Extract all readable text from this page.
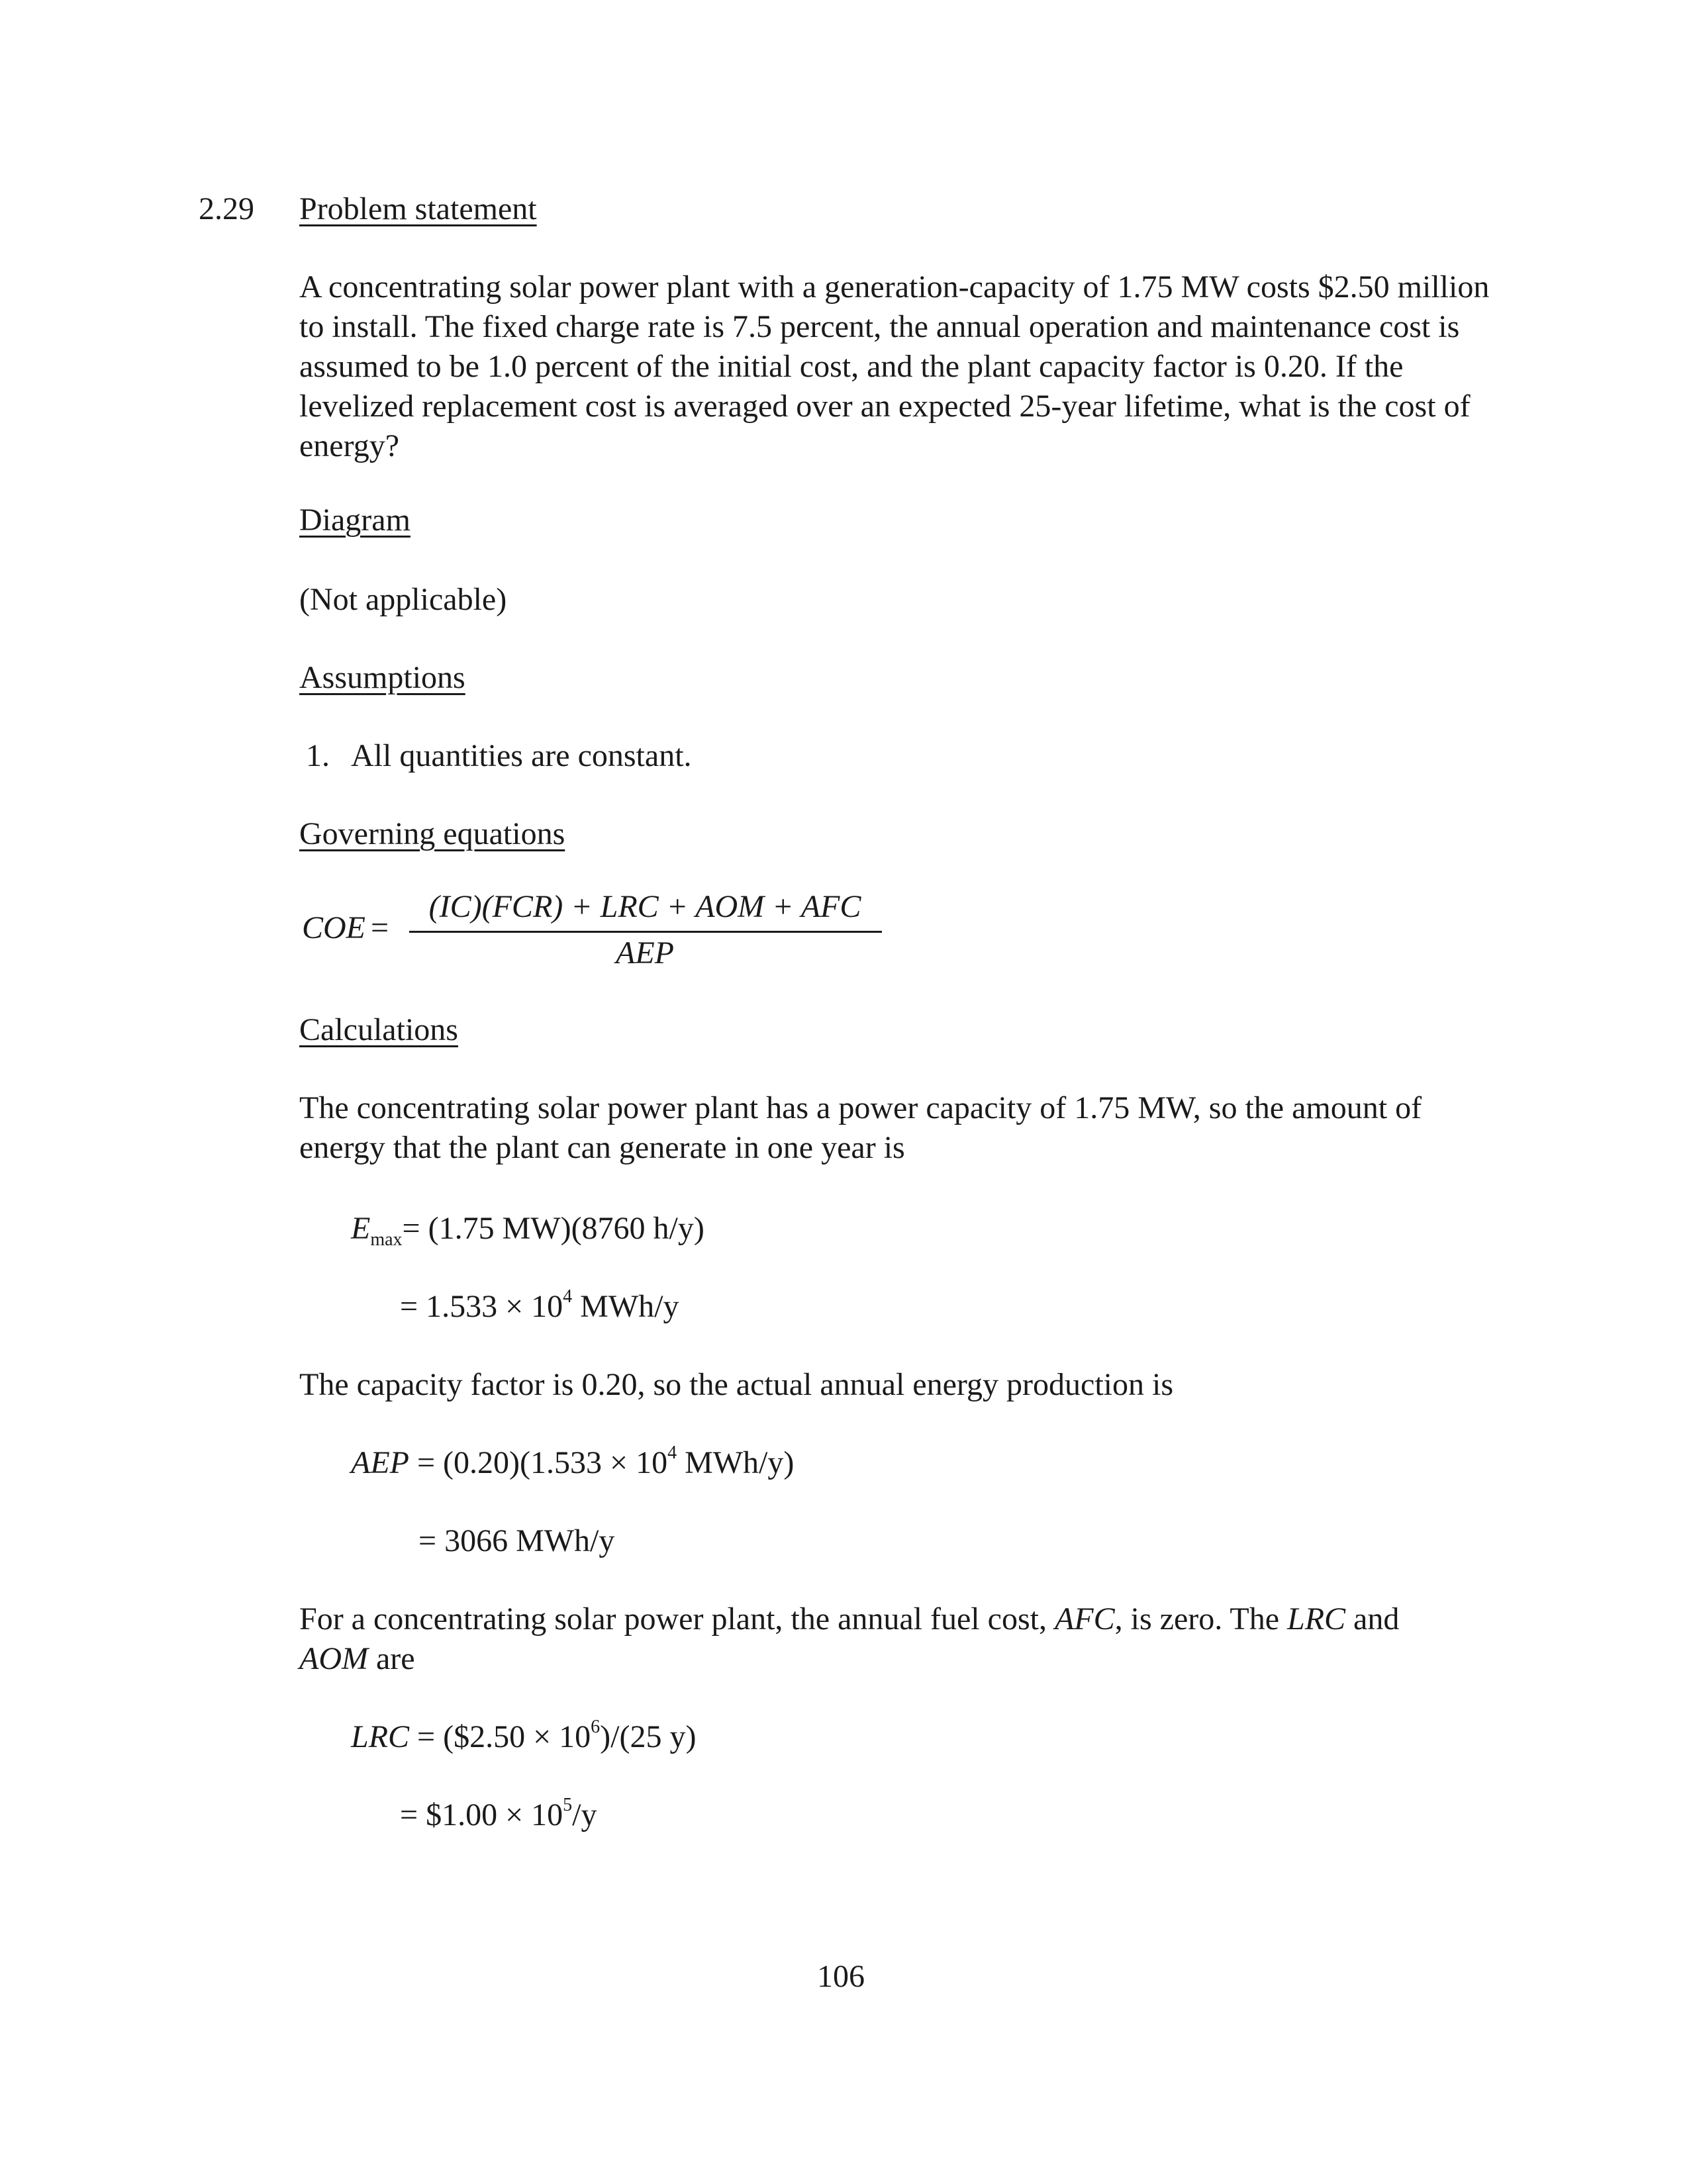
2.29 Problem statement
A concentrating solar power plant with a generation-capacity of 1.75 MW costs $2.50 million to install. The fixed charge rate is 7.5 percent, the annual operation and maintenance cost is assumed to be 1.0 percent of the initial cost, and the plant capacity factor is 0.20. If the levelized replacement cost is averaged over an expected 25-year lifetime, what is the cost of energy?
Diagram
(Not applicable)
Assumptions
1. All quantities are constant.
Governing equations
COE =
(IC)(FCR) + LRC + AOM + AFC
AEP
Calculations
The concentrating solar power plant has a power capacity of 1.75 MW, so the amount of energy that the plant can generate in one year is
$E_{max}= (1.75$ MW)(8760 h/y)
= $1.533 \times 10^4$ MWh/y
The capacity factor is 0.20, so the actual annual energy production is
AEP = $(0.20)(1.533 \times 10^4$ MWh/y)
= 3066 MWh/y
For a concentrating solar power plant, the annual fuel cost, AFC, is zero. The LRC and
AOM are
LRC = ($2.50 × $10^6)/(25$ y)
= $1.00 × $10^5/y$
106
